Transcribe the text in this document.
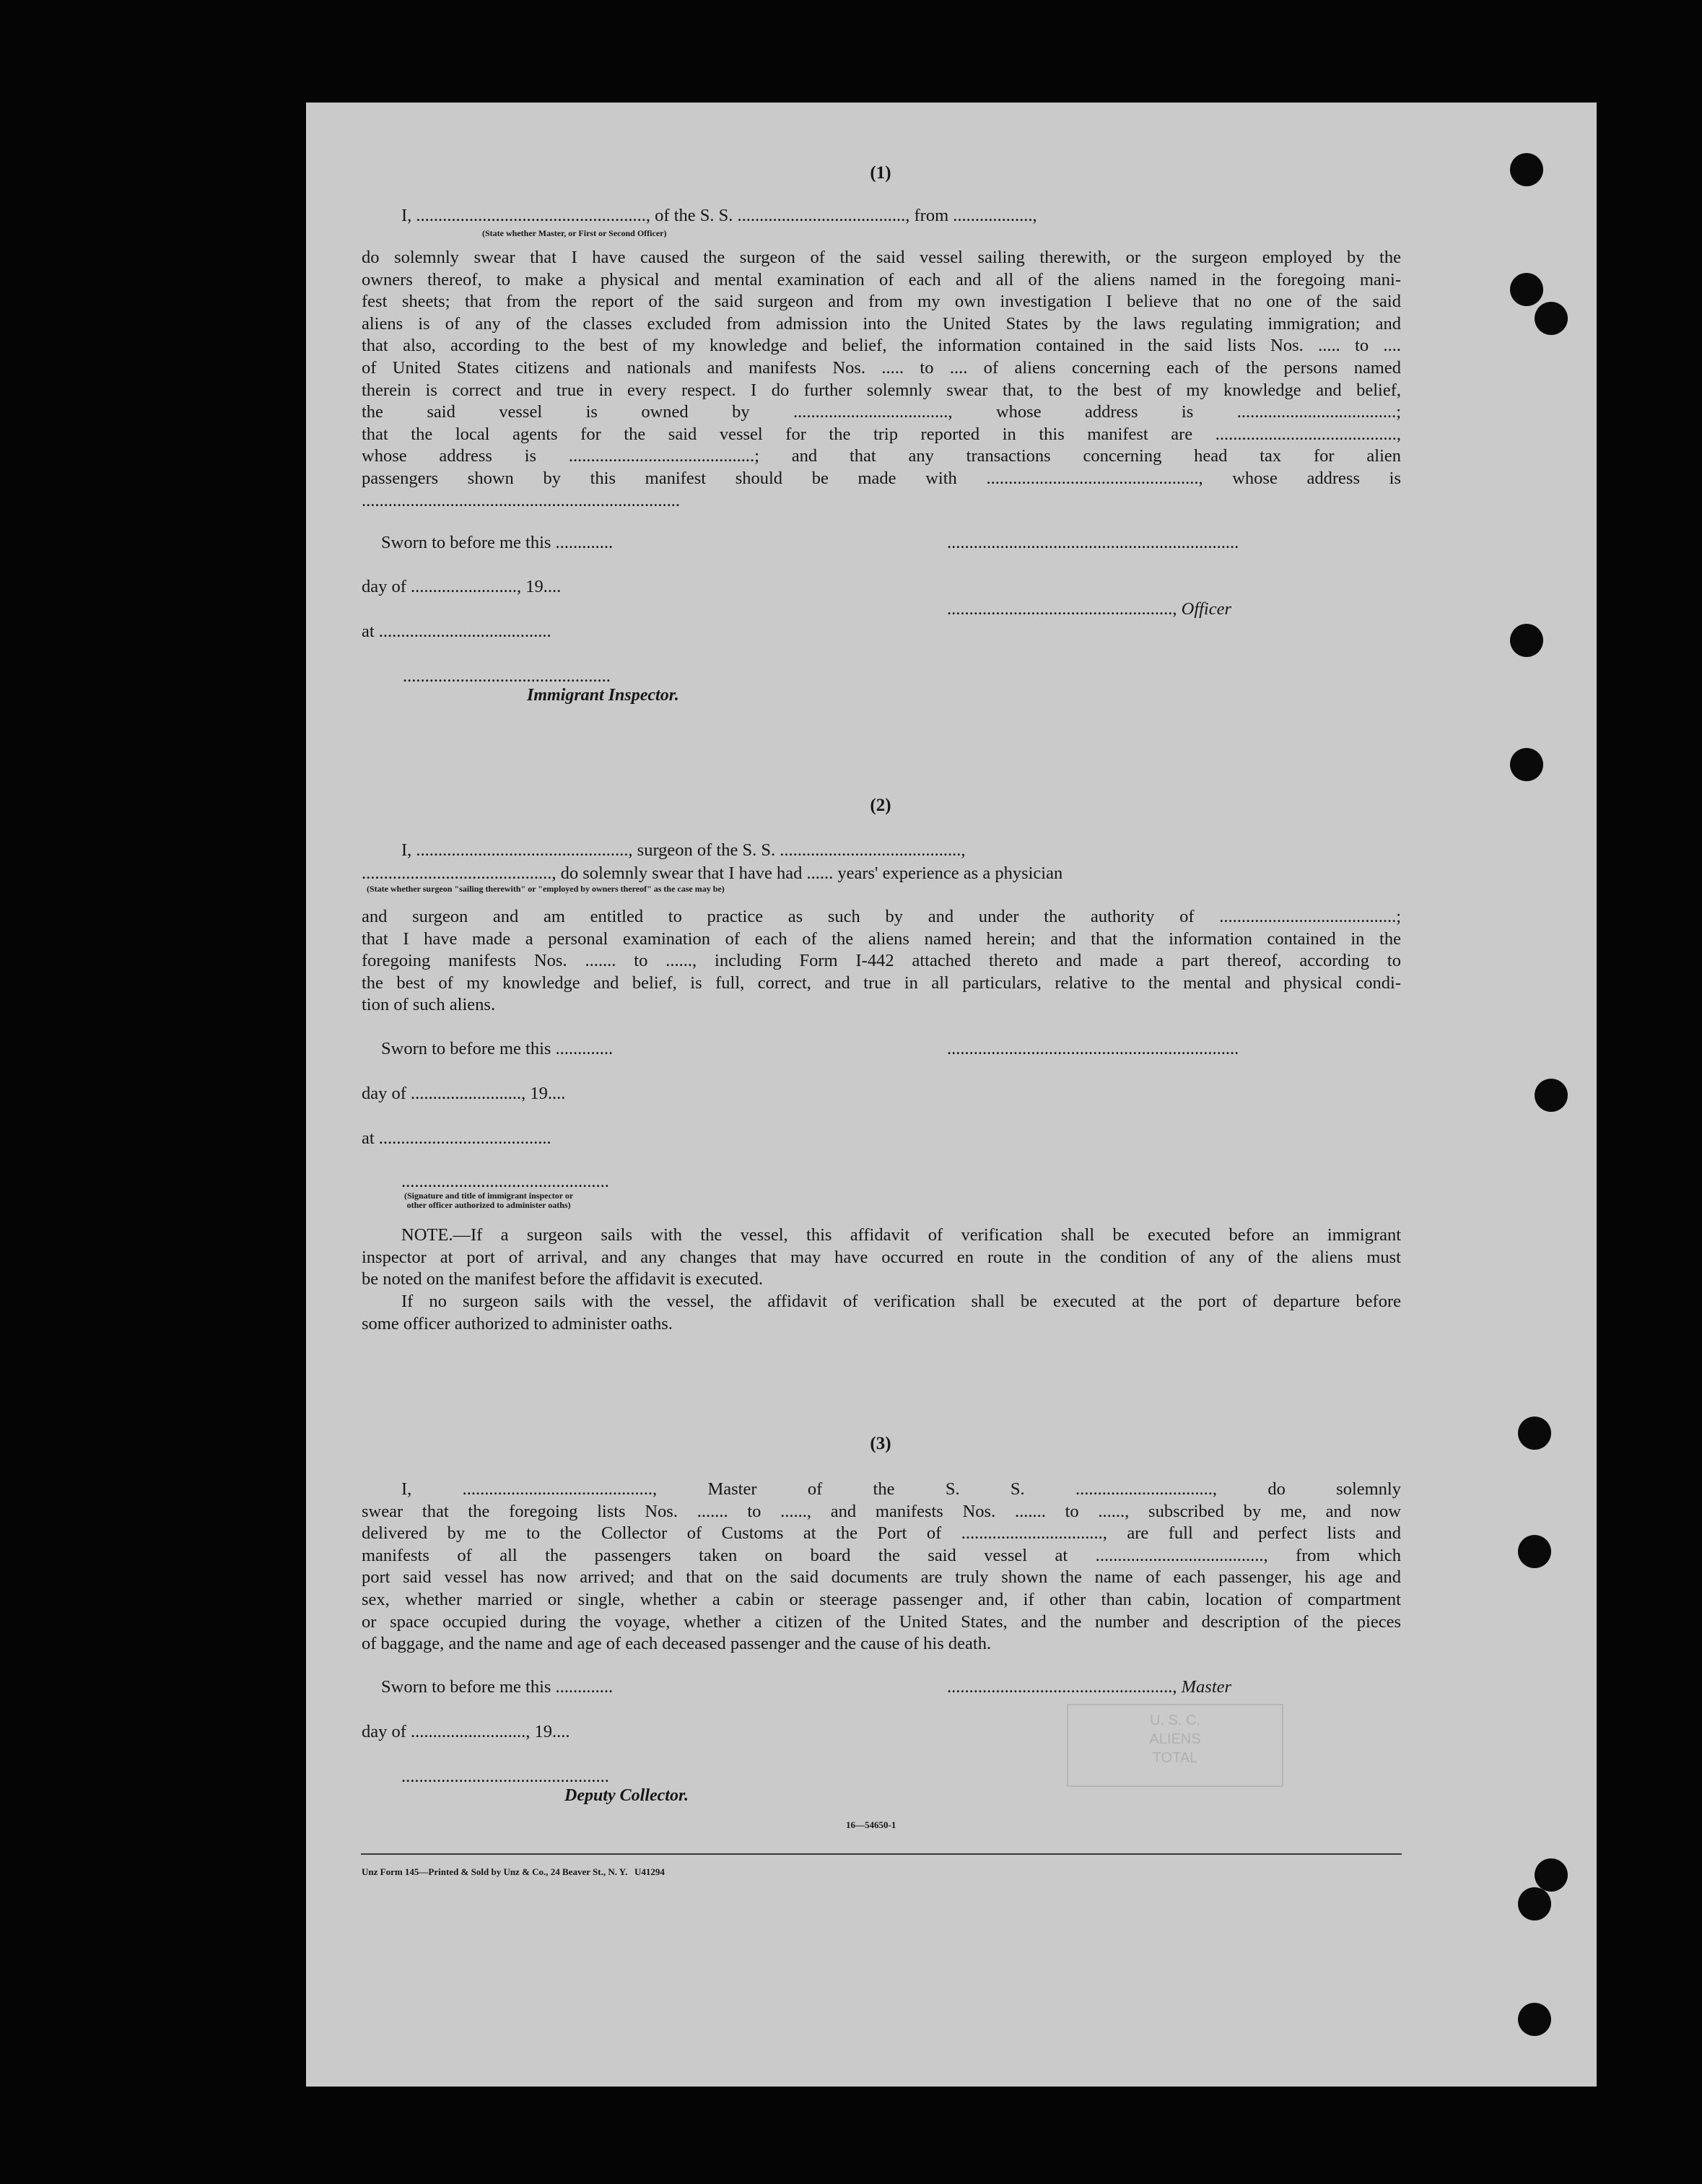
(1)
I, ...................................................., of the S. S. ......................................, from ..................,
(State whether Master, or First or Second Officer)
do solemnly swear that I have caused the surgeon of the said vessel sailing therewith, or the surgeon employed by the
owners thereof, to make a physical and mental examination of each and all of the aliens named in the foregoing mani-
fest sheets; that from the report of the said surgeon and from my own investigation I believe that no one of the said
aliens is of any of the classes excluded from admission into the United States by the laws regulating immigration; and
that also, according to the best of my knowledge and belief, the information contained in the said lists Nos. ..... to ....
of United States citizens and nationals and manifests Nos. ..... to .... of aliens concerning each of the persons named
therein is correct and true in every respect. I do further solemnly swear that, to the best of my knowledge and belief,
the said vessel is owned by ..................................., whose address is ....................................;
that the local agents for the said vessel for the trip reported in this manifest are .........................................,
whose address is ..........................................; and that any transactions concerning head tax for alien
passengers shown by this manifest should be made with ................................................, whose address is
........................................................................
Sworn to before me this .............	..................................................................
day of ........................, 19....
..................................................., Officer
at .......................................
...............................................
Immigrant Inspector.
(2)
I, ................................................, surgeon of the S. S. .........................................,
..........................................., do solemnly swear that I have had ...... years' experience as a physician
(State whether surgeon "sailing therewith" or "employed by owners thereof" as the case may be)
and surgeon and am entitled to practice as such by and under the authority of ........................................;
that I have made a personal examination of each of the aliens named herein; and that the information contained in the
foregoing manifests Nos. ....... to ......, including Form I-442 attached thereto and made a part thereof, according to
the best of my knowledge and belief, is full, correct, and true in all particulars, relative to the mental and physical condi-
tion of such aliens.
Sworn to before me this .............	..................................................................
day of ........................., 19....
at .......................................
...............................................
(Signature and title of immigrant inspector or
other officer authorized to administer oaths)
NOTE.—If a surgeon sails with the vessel, this affidavit of verification shall be executed before an immigrant
inspector at port of arrival, and any changes that may have occurred en route in the condition of any of the aliens must
be noted on the manifest before the affidavit is executed.
If no surgeon sails with the vessel, the affidavit of verification shall be executed at the port of departure before
some officer authorized to administer oaths.
(3)
I, ..........................................., Master of the S. S. ..............................., do solemnly
swear that the foregoing lists Nos. ....... to ......, and manifests Nos. ....... to ......, subscribed by me, and now
delivered by me to the Collector of Customs at the Port of ................................, are full and perfect lists and
manifests of all the passengers taken on board the said vessel at ......................................, from which
port said vessel has now arrived; and that on the said documents are truly shown the name of each passenger, his age and
sex, whether married or single, whether a cabin or steerage passenger and, if other than cabin, location of compartment
or space occupied during the voyage, whether a citizen of the United States, and the number and description of the pieces
of baggage, and the name and age of each deceased passenger and the cause of his death.
Sworn to before me this .............	..................................................., Master
day of .........................., 19....
...............................................
Deputy Collector.
U. S. C.
ALIENS
TOTAL
16—54650-1
Unz Form 145—Printed & Sold by Unz & Co., 24 Beaver St., N. Y.   U41294
